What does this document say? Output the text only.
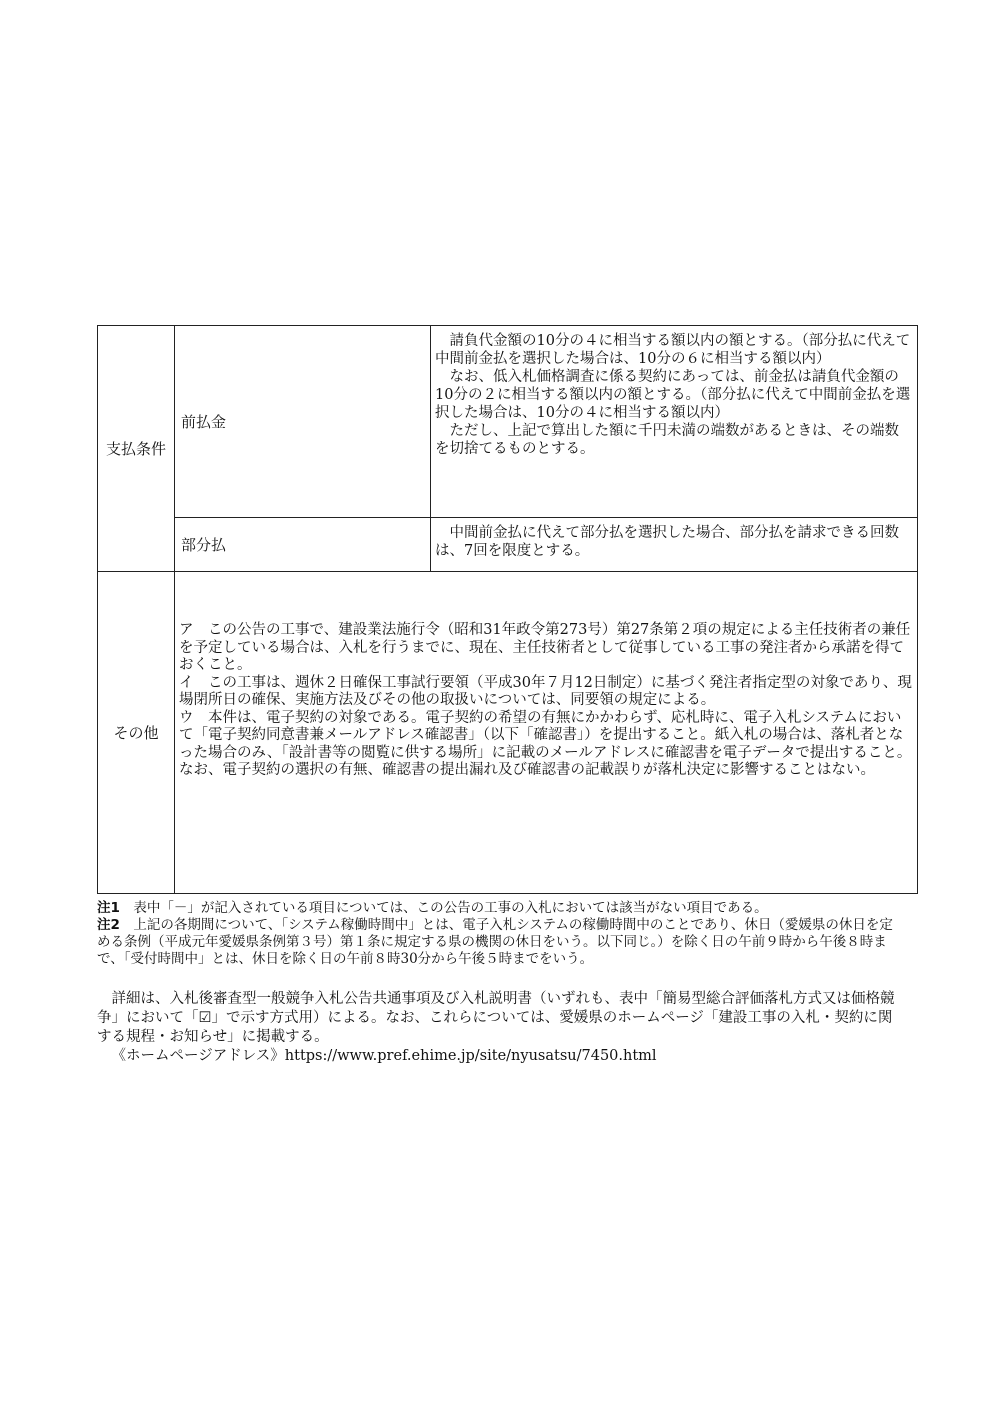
支払条件	前払金	請負代金額の10分の４に相当する額以内の額とする。（部分払に代えて中間前金払を選択した場合は、10分の６に相当する額以内）

なお、低入札価格調査に係る契約にあっては、前金払は請負代金額の10分の２に相当する額以内の額とする。（部分払に代えて中間前金払を選択した場合は、10分の４に相当する額以内）

ただし、上記で算出した額に千円未満の端数があるときは、その端数を切捨てるものとする。

	部分払	中間前金払に代えて部分払を選択した場合、部分払を請求できる回数は、7回を限度とする。

その他	ア　この公告の工事で、建設業法施行令（昭和31年政令第273号）第27条第２項の規定による主任技術者の兼任を予定している場合は、入札を行うまでに、現在、主任技術者として従事している工事の発注者から承諾を得ておくこと。

イ　この工事は、週休２日確保工事試行要領（平成30年７月12日制定）に基づく発注者指定型の対象であり、現場閉所日の確保、実施方法及びその他の取扱いについては、同要領の規定による。

ウ　本件は、電子契約の対象である。電子契約の希望の有無にかかわらず、応札時に、電子入札システムにおいて「電子契約同意書兼メールアドレス確認書」（以下「確認書」）を提出すること。紙入札の場合は、落札者となった場合のみ、「設計書等の閲覧に供する場所」に記載のメールアドレスに確認書を電子データで提出すること。なお、電子契約の選択の有無、確認書の提出漏れ及び確認書の記載誤りが落札決定に影響することはない。	

注1　 表中「－」が記入されている項目については、この公告の工事の入札においては該当がない項目である。

注2　 上記の各期間について、「システム稼働時間中」とは、電子入札システムの稼働時間中のことであり、休日（愛媛県の休日を定める条例（平成元年愛媛県条例第３号）第１条に規定する県の機関の休日をいう。以下同じ。）を除く日の午前９時から午後８時まで、「受付時間中」とは、休日を除く日の午前８時30分から午後５時までをいう。

詳細は、入札後審査型一般競争入札公告共通事項及び入札説明書（いずれも、表中「簡易型総合評価落札方式又は価格競争」において「☑」で示す方式用）による。なお、これらについては、愛媛県のホームページ「建設工事の入札・契約に関する規程・お知らせ」に掲載する。

《ホームページアドレス》https://www.pref.ehime.jp/site/nyusatsu/7450.html
